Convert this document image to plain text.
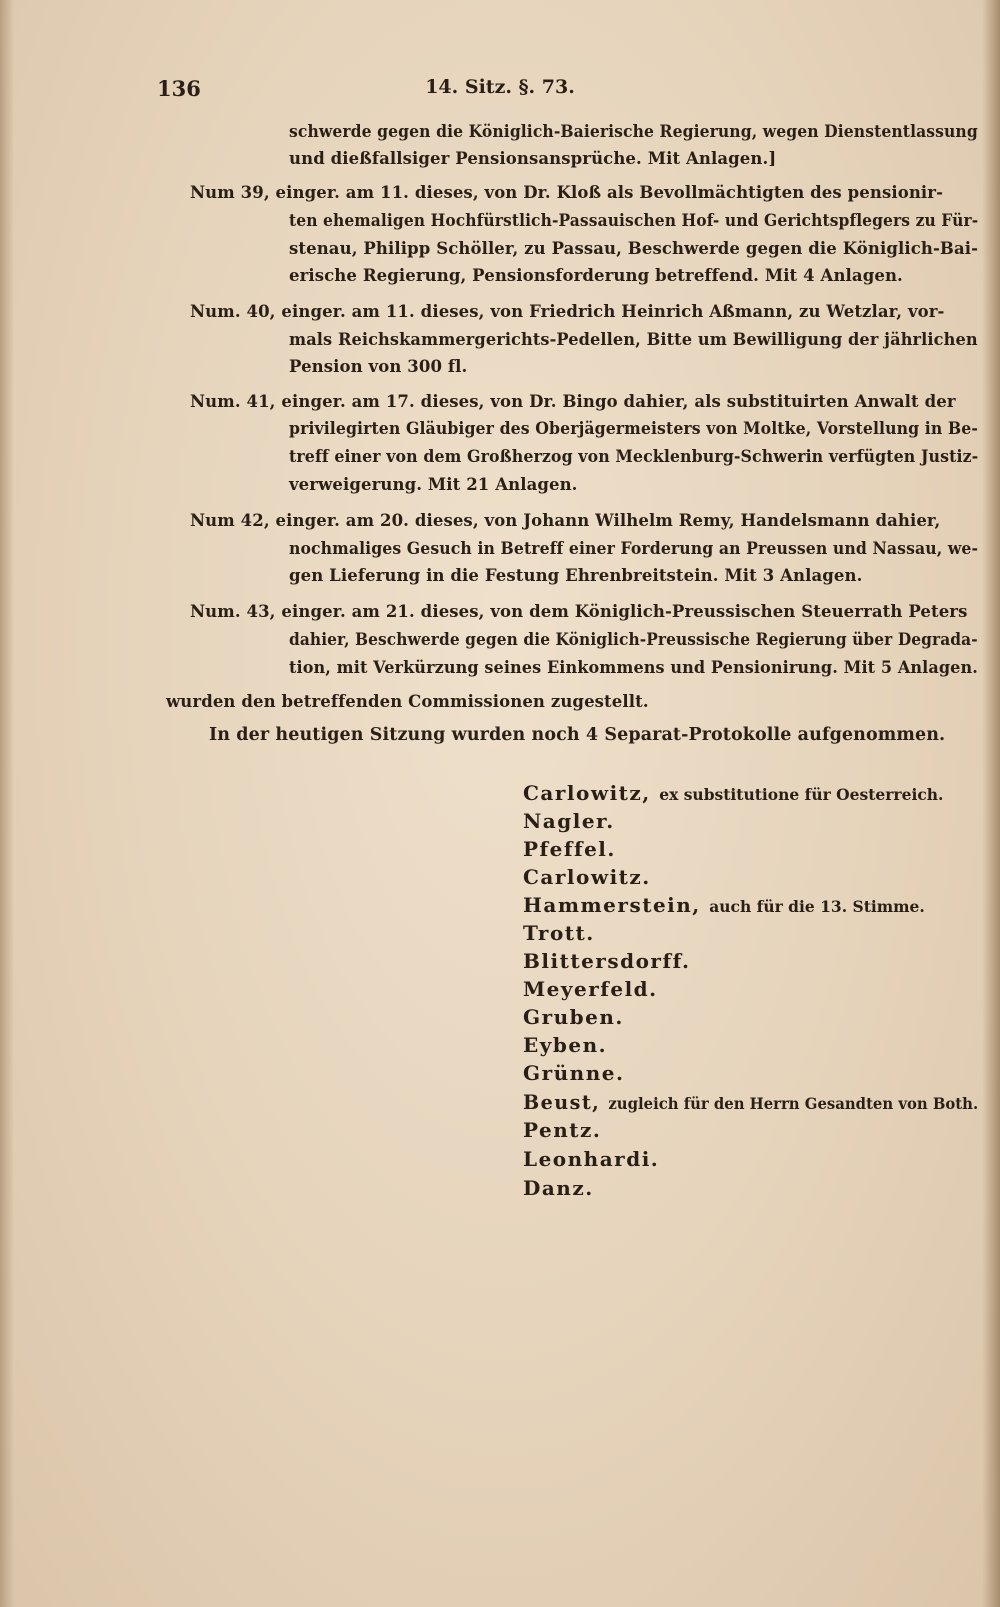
136	14. Sitz. §. 73.
schwerde gegen die Königlich-Baierische Regierung, wegen Dienstentlassung
und dießfallsiger Pensionsansprüche. Mit Anlagen.]
Num 39, einger. am 11. dieses, von Dr. Kloß als Bevollmächtigten des pensionir-
ten ehemaligen Hochfürstlich-Passauischen Hof- und Gerichtspflegers zu Für-
stenau, Philipp Schöller, zu Passau, Beschwerde gegen die Königlich-Bai-
erische Regierung, Pensionsforderung betreffend. Mit 4 Anlagen.
Num. 40, einger. am 11. dieses, von Friedrich Heinrich Aßmann, zu Wetzlar, vor-
mals Reichskammergerichts-Pedellen, Bitte um Bewilligung der jährlichen
Pension von 300 fl.
Num. 41, einger. am 17. dieses, von Dr. Bingo dahier, als substituirten Anwalt der
privilegirten Gläubiger des Oberjägermeisters von Moltke, Vorstellung in Be-
treff einer von dem Großherzog von Mecklenburg-Schwerin verfügten Justiz-
verweigerung. Mit 21 Anlagen.
Num 42, einger. am 20. dieses, von Johann Wilhelm Remy, Handelsmann dahier,
nochmaliges Gesuch in Betreff einer Forderung an Preussen und Nassau, we-
gen Lieferung in die Festung Ehrenbreitstein. Mit 3 Anlagen.
Num. 43, einger. am 21. dieses, von dem Königlich-Preussischen Steuerrath Peters
dahier, Beschwerde gegen die Königlich-Preussische Regierung über Degrada-
tion, mit Verkürzung seines Einkommens und Pensionirung. Mit 5 Anlagen.
wurden den betreffenden Commissionen zugestellt.
In der heutigen Sitzung wurden noch 4 Separat-Protokolle aufgenommen.
Carlowitz, ex substitutione für Oesterreich.
Nagler.
Pfeffel.
Carlowitz.
Hammerstein, auch für die 13. Stimme.
Trott.
Blittersdorff.
Meyerfeld.
Gruben.
Eyben.
Grünne.
Beust, zugleich für den Herrn Gesandten von Both.
Pentz.
Leonhardi.
Danz.
